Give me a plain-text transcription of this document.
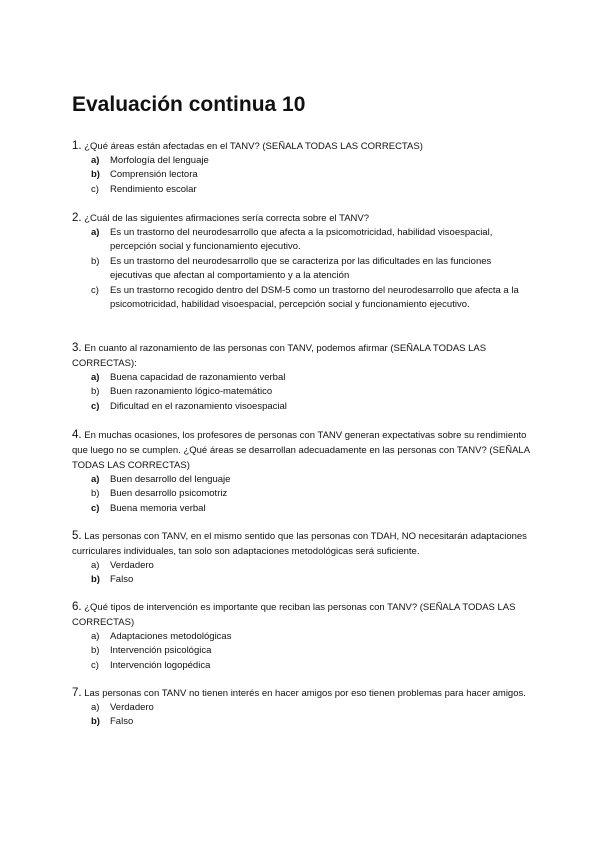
Evaluación continua 10

1. ¿Qué áreas están afectadas en el TANV? (SEÑALA TODAS LAS CORRECTAS)

a)	Morfología del lenguaje
b)	Comprensión lectora
c)	Rendimiento escolar

2. ¿Cuál de las siguientes afirmaciones sería correcta sobre el TANV?

a)	Es un trastorno del neurodesarrollo que afecta a la psicomotricidad, habilidad visoespacial, percepción social y funcionamiento ejecutivo.
b)	Es un trastorno del neurodesarrollo que se caracteriza por las dificultades en las funciones ejecutivas que afectan al comportamiento y a la atención
c)	Es un trastorno recogido dentro del DSM-5 como un trastorno del neurodesarrollo que afecta a la psicomotricidad, habilidad visoespacial, percepción social y funcionamiento ejecutivo.

3. En cuanto al razonamiento de las personas con TANV, podemos afirmar (SEÑALA TODAS LAS CORRECTAS):

a)	Buena capacidad de razonamiento verbal
b)	Buen razonamiento lógico-matemático
c)	Dificultad en el razonamiento visoespacial

4. En muchas ocasiones, los profesores de personas con TANV generan expectativas sobre su rendimiento que luego no se cumplen. ¿Qué áreas se desarrollan adecuadamente en las personas con TANV? (SEÑALA TODAS LAS CORRECTAS)

a)	Buen desarrollo del lenguaje
b)	Buen desarrollo psicomotriz
c)	Buena memoria verbal

5. Las personas con TANV, en el mismo sentido que las personas con TDAH, NO necesitarán adaptaciones curriculares individuales, tan solo son adaptaciones metodológicas será suficiente.

a)	Verdadero
b)	Falso

6. ¿Qué tipos de intervención es importante que reciban las personas con TANV? (SEÑALA TODAS LAS CORRECTAS)

a)	Adaptaciones metodológicas
b)	Intervención psicológica
c)	Intervención logopédica

7. Las personas con TANV no tienen interés en hacer amigos por eso tienen problemas para hacer amigos.

a)	Verdadero
b)	Falso
